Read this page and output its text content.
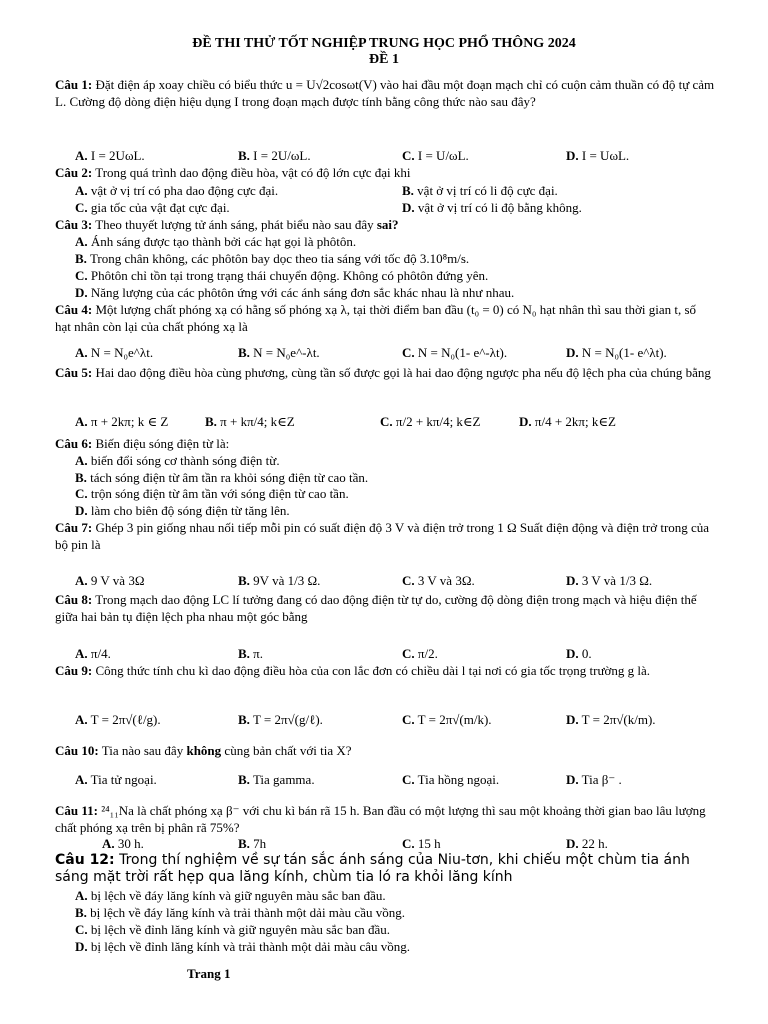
ĐỀ THI THỬ TỐT NGHIỆP TRUNG HỌC PHỔ THÔNG 2024
ĐỀ 1
Câu 1: Đặt điện áp xoay chiều có biểu thức u = U√2cosωt(V) vào hai đầu một đoạn mạch chỉ có cuộn cảm thuần có độ tự cảm L. Cường độ dòng điện hiệu dụng I trong đoạn mạch được tính bằng công thức nào sau đây?
A. I = 2UωL.	B. I = 2U/ωL.	C. I = U/ωL.	D. I = UωL.
Câu 2: Trong quá trình dao động điều hòa, vật có độ lớn cực đại khi
A. vật ở vị trí có pha dao động cực đại.	B. vật ở vị trí có li độ cực đại.
C. gia tốc của vật đạt cực đại.	D. vật ở vị trí có li độ bằng không.
Câu 3: Theo thuyết lượng tử ánh sáng, phát biểu nào sau đây sai?
A. Ánh sáng được tạo thành bởi các hạt gọi là phôtôn.
B. Trong chân không, các phôtôn bay dọc theo tia sáng với tốc độ 3.10⁸m/s.
C. Phôtôn chỉ tồn tại trong trạng thái chuyển động. Không có phôtôn đứng yên.
D. Năng lượng của các phôtôn ứng với các ánh sáng đơn sắc khác nhau là như nhau.
Câu 4: Một lượng chất phóng xạ có hằng số phóng xạ λ, tại thời điểm ban đầu (t₀ = 0) có N₀ hạt nhân thì sau thời gian t, số hạt nhân còn lại của chất phóng xạ là
A. N = N₀e^λt.	B. N = N₀e^-λt.	C. N = N₀(1- e^-λt).	D. N = N₀(1- e^λt).
Câu 5: Hai dao động điều hòa cùng phương, cùng tần số được gọi là hai dao động ngược pha nếu độ lệch pha của chúng bằng
A. π + 2kπ; k ∈ Z	B. π + kπ/4; k∈Z	C. π/2 + kπ/4; k∈Z	D. π/4 + 2kπ; k∈Z
Câu 6: Biến điệu sóng điện từ là:
A. biến đổi sóng cơ thành sóng điện từ.
B. tách sóng điện từ âm tần ra khỏi sóng điện từ cao tần.
C. trộn sóng điện từ âm tần với sóng điện từ cao tần.
D. làm cho biên độ sóng điện từ tăng lên.
Câu 7: Ghép 3 pin giống nhau nối tiếp mỗi pin có suất điện độ 3 V và điện trở trong 1 Ω Suất điện động và điện trở trong của bộ pin là
A. 9 V và 3Ω	B. 9V và 1/3 Ω.	C. 3 V và 3Ω.	D. 3 V và 1/3 Ω.
Câu 8: Trong mạch dao động LC lí tưởng đang có dao động điện từ tự do, cường độ dòng điện trong mạch và hiệu điện thế giữa hai bản tụ điện lệch pha nhau một góc bằng
A. π/4.	B. π.	C. π/2.	D. 0.
Câu 9: Công thức tính chu kì dao động điều hòa của con lắc đơn có chiều dài l tại nơi có gia tốc trọng trường g là.
A. T = 2π√(ℓ/g).	B. T = 2π√(g/ℓ).	C. T = 2π√(m/k).	D. T = 2π√(k/m).
Câu 10: Tia nào sau đây không cùng bản chất với tia X?
A. Tia tử ngoại.	B. Tia gamma.	C. Tia hồng ngoại.	D. Tia β⁻ .
Câu 11: ²⁴₁₁Na là chất phóng xạ β⁻ với chu kì bán rã 15 h. Ban đầu có một lượng thì sau một khoảng thời gian bao lâu lượng chất phóng xạ trên bị phân rã 75%?
A. 30 h.	B. 7h	C. 15 h	D. 22 h.
Câu 12: Trong thí nghiệm về sự tán sắc ánh sáng của Niu-tơn, khi chiếu một chùm tia ánh sáng mặt trời rất hẹp qua lăng kính, chùm tia ló ra khỏi lăng kính
A. bị lệch về đáy lăng kính và giữ nguyên màu sắc ban đầu.
B. bị lệch về đáy lăng kính và trải thành một dải màu cầu vồng.
C. bị lệch về đỉnh lăng kính và giữ nguyên màu sắc ban đầu.
D. bị lệch về đỉnh lăng kính và trải thành một dải màu câu vồng.
Trang 1
